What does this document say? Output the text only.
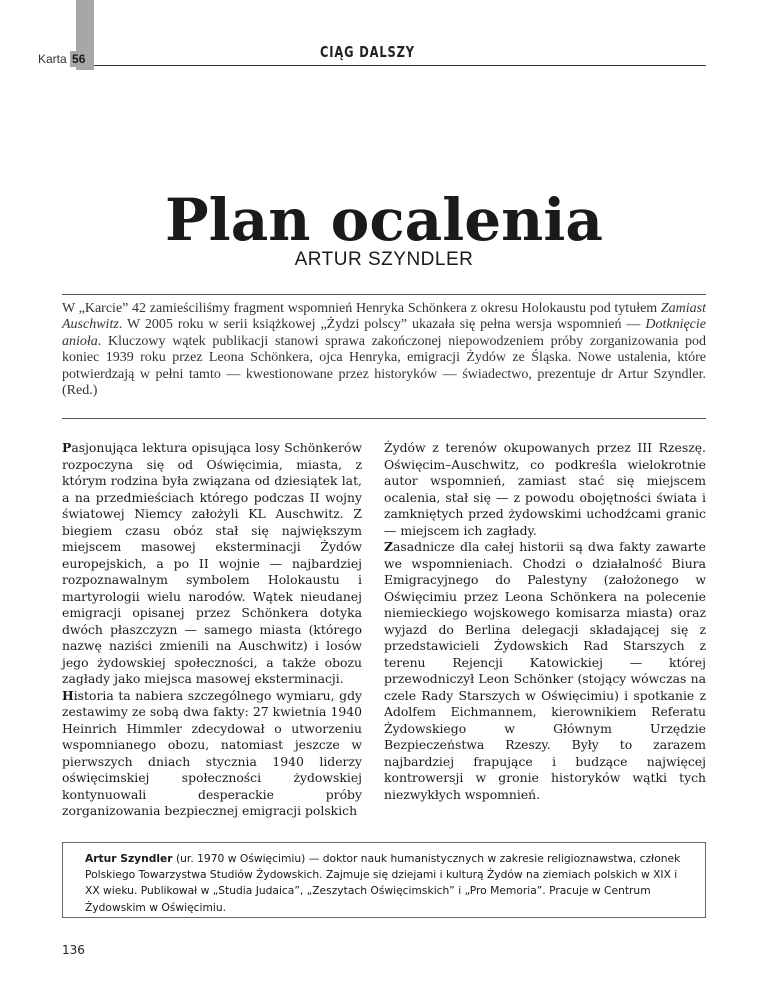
Karta 56	CIĄG DALSZY
Plan ocalenia
ARTUR SZYNDLER

W „Karcie” 42 zamieściliśmy fragment wspomnień Henryka Schönkera z okresu Holokaustu pod tytułem Zamiast Auschwitz. W 2005 roku w serii książkowej „Żydzi polscy” ukazała się pełna wersja wspomnień — Dotknięcie anioła. Kluczowy wątek publikacji stanowi sprawa zakończonej niepowodzeniem próby zorganizowania pod koniec 1939 roku przez Leona Schönkera, ojca Henryka, emigracji Żydów ze Śląska. Nowe ustalenia, które potwierdzają w pełni tamto — kwestionowane przez historyków — świadectwo, prezentuje dr Artur Szyndler. (Red.)

Pasjonująca lektura opisująca losy Schönkerów rozpoczyna się od Oświęcimia, miasta, z którym rodzina była związana od dziesiątek lat, a na przedmieściach którego podczas II wojny światowej Niemcy założyli KL Auschwitz. Z biegiem czasu obóz stał się największym miejscem masowej eksterminacji Żydów europejskich, a po II wojnie — najbardziej rozpoznawalnym symbolem Holokaustu i martyrologii wielu narodów. Wątek nieudanej emigracji opisanej przez Schönkera dotyka dwóch płaszczyzn — samego miasta (którego nazwę naziści zmienili na Auschwitz) i losów jego żydowskiej społeczności, a także obozu zagłady jako miejsca masowej eksterminacji.

Historia ta nabiera szczególnego wymiaru, gdy zestawimy ze sobą dwa fakty: 27 kwietnia 1940 Heinrich Himmler zdecydował o utworzeniu wspomnianego obozu, natomiast jeszcze w pierwszych dniach stycznia 1940 liderzy oświęcimskiej społeczności żydowskiej kontynuowali desperackie próby zorganizowania bezpiecznej emigracji polskich

Żydów z terenów okupowanych przez III Rzeszę. Oświęcim–Auschwitz, co podkreśla wielokrotnie autor wspomnień, zamiast stać się miejscem ocalenia, stał się — z powodu obojętności świata i zamkniętych przed żydowskimi uchodźcami granic — miejscem ich zagłady.

Zasadnicze dla całej historii są dwa fakty zawarte we wspomnieniach. Chodzi o działalność Biura Emigracyjnego do Palestyny (założonego w Oświęcimiu przez Leona Schönkera na polecenie niemieckiego wojskowego komisarza miasta) oraz wyjazd do Berlina delegacji składającej się z przedstawicieli Żydowskich Rad Starszych z terenu Rejencji Katowickiej — której przewodniczył Leon Schönker (stojący wówczas na czele Rady Starszych w Oświęcimiu) i spotkanie z Adolfem Eichmannem, kierownikiem Referatu Żydowskiego w Głównym Urzędzie Bezpieczeństwa Rzeszy. Były to zarazem najbardziej frapujące i budzące najwięcej kontrowersji w gronie historyków wątki tych niezwykłych wspomnień.

Artur Szyndler (ur. 1970 w Oświęcimiu) — doktor nauk humanistycznych w zakresie religioznawstwa, członek Polskiego Towarzystwa Studiów Żydowskich. Zajmuje się dziejami i kulturą Żydów na ziemiach polskich w XIX i XX wieku. Publikował w „Studia Judaica”, „Zeszytach Oświęcimskich” i „Pro Memoria”. Pracuje w Centrum Żydowskim w Oświęcimiu.
136
